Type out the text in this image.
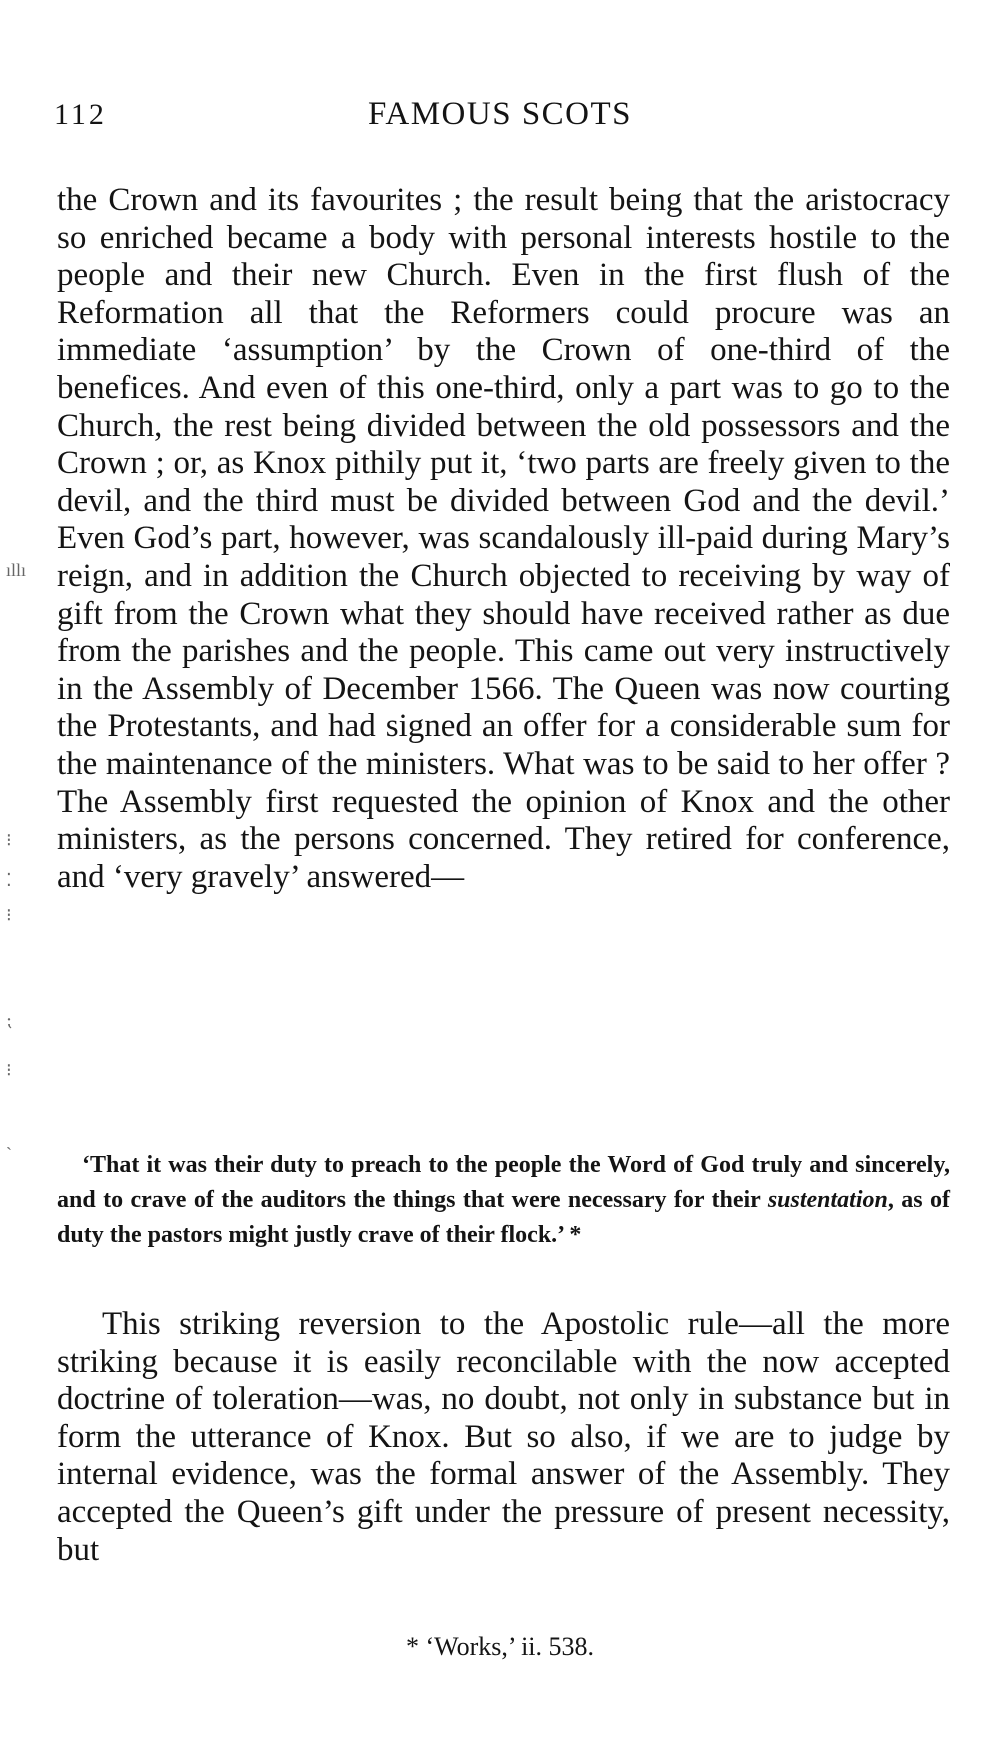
112	FAMOUS SCOTS

the Crown and its favourites ; the result being that the aristocracy so enriched became a body with personal interests hostile to the people and their new Church. Even in the first flush of the Reformation all that the Reformers could procure was an immediate ‘assumption’ by the Crown of one-third of the benefices. And even of this one-third, only a part was to go to the Church, the rest being divided between the old possessors and the Crown ; or, as Knox pithily put it, ‘two parts are freely given to the devil, and the third must be divided between God and the devil.’ Even God’s part, however, was scandalously ill-paid during Mary’s reign, and in addition the Church objected to receiving by way of gift from the Crown what they should have received rather as due from the parishes and the people. This came out very instructively in the Assembly of December 1566. The Queen was now courting the Protestants, and had signed an offer for a considerable sum for the maintenance of the ministers. What was to be said to her offer ? The Assembly first requested the opinion of Knox and the other ministers, as the persons concerned. They retired for conference, and ‘very gravely’ answered—

ıllı
⁝
⁚
⁝
⁏
⁝
ˎ

‘That it was their duty to preach to the people the Word of God truly and sincerely, and to crave of the auditors the things that were necessary for their sustentation, as of duty the pastors might justly crave of their flock.’ *

This striking reversion to the Apostolic rule—all the more striking because it is easily reconcilable with the now accepted doctrine of toleration—was, no doubt, not only in substance but in form the utterance of Knox. But so also, if we are to judge by internal evidence, was the formal answer of the Assembly. They accepted the Queen’s gift under the pressure of present necessity, but

* ‘Works,’ ii. 538.
